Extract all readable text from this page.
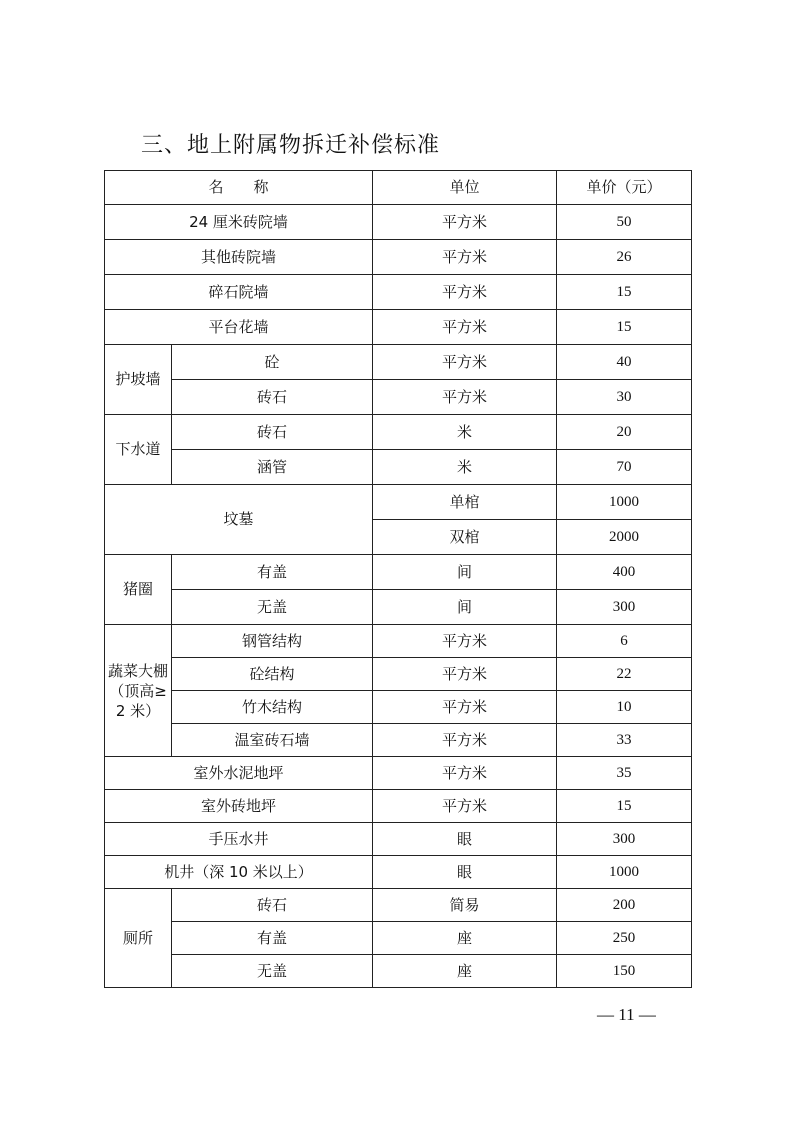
三、地上附属物拆迁补偿标准
名　　称		单位	单价（元）
24 厘米砖院墙		平方米	50
其他砖院墙		平方米	26
碎石院墙		平方米	15
平台花墙		平方米	15
护坡墙	砼	平方米	40
	砖石	平方米	30
下水道	砖石	米	20
	涵管	米	70
坟墓		单棺	1000
		双棺	2000
猪圈	有盖	间	400
	无盖	间	300

蔬菜大棚
（顶高≥
2 米）	钢管结构	平方米	6
	砼结构	平方米	22
	竹木结构	平方米	10
	温室砖石墙	平方米	33
室外水泥地坪		平方米	35
室外砖地坪		平方米	15
手压水井		眼	300
机井（深 10 米以上）		眼	1000
厕所	砖石	简易	200
	有盖	座	250
	无盖	座	150
— 11 —
